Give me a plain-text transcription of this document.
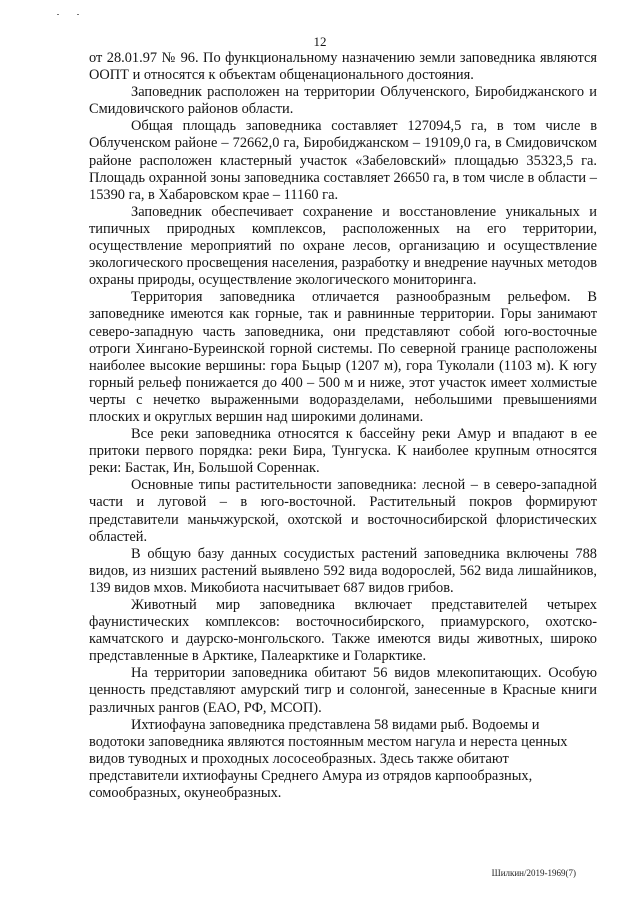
12

от 28.01.97 № 96. По функциональному назначению земли заповедника являются ООПТ и относятся к объектам общенационального достояния.

Заповедник расположен на территории Облученского, Биробиджанского и Смидовичского районов области.

Общая площадь заповедника составляет 127094,5 га, в том числе в Облученском районе – 72662,0 га, Биробиджанском – 19109,0 га, в Смидовичском районе расположен кластерный участок «Забеловский» площадью 35323,5 га. Площадь охранной зоны заповедника составляет 26650 га, в том числе в области – 15390 га, в Хабаровском крае – 11160 га.

Заповедник обеспечивает сохранение и восстановление уникальных и типичных природных комплексов, расположенных на его территории, осуществление мероприятий по охране лесов, организацию и осуществление экологического просвещения населения, разработку и внедрение научных методов охраны природы, осуществление экологического мониторинга.

Территория заповедника отличается разнообразным рельефом. В заповеднике имеются как горные, так и равнинные территории. Горы занимают северо-западную часть заповедника, они представляют собой юго-восточные отроги Хингано-Буреинской горной системы. По северной границе расположены наиболее высокие вершины: гора Бьцыр (1207 м), гора Туколали (1103 м). К югу горный рельеф понижается до 400 – 500 м и ниже, этот участок имеет холмистые черты с нечетко выраженными водоразделами, небольшими превышениями плоских и округлых вершин над широкими долинами.

Все реки заповедника относятся к бассейну реки Амур и впадают в ее притоки первого порядка: реки Бира, Тунгуска. К наиболее крупным относятся реки: Бастак, Ин, Большой Сореннак.

Основные типы растительности заповедника: лесной – в северо-западной части и луговой – в юго-восточной. Растительный покров формируют представители маньчжурской, охотской и восточносибирской флористических областей.

В общую базу данных сосудистых растений заповедника включены 788 видов, из низших растений выявлено 592 вида водорослей, 562 вида лишайников, 139 видов мхов. Микобиота насчитывает 687 видов грибов.

Животный мир заповедника включает представителей четырех фаунистических комплексов: восточносибирского, приамурского, охотско-камчатского и даурско-монгольского. Также имеются виды животных, широко представленные в Арктике, Палеарктике и Голарктике.

На территории заповедника обитают 56 видов млекопитающих. Особую ценность представляют амурский тигр и солонгой, занесенные в Красные книги различных рангов (ЕАО, РФ, МСОП).

Ихтиофауна заповедника представлена 58 видами рыб. Водоемы и водотоки заповедника являются постоянным местом нагула и нереста ценных видов туводных и проходных лососеобразных. Здесь также обитают представители ихтиофауны Среднего Амура из отрядов карпообразных, сомообразных, окунеобразных.

Шилкин/2019-1969(7)
